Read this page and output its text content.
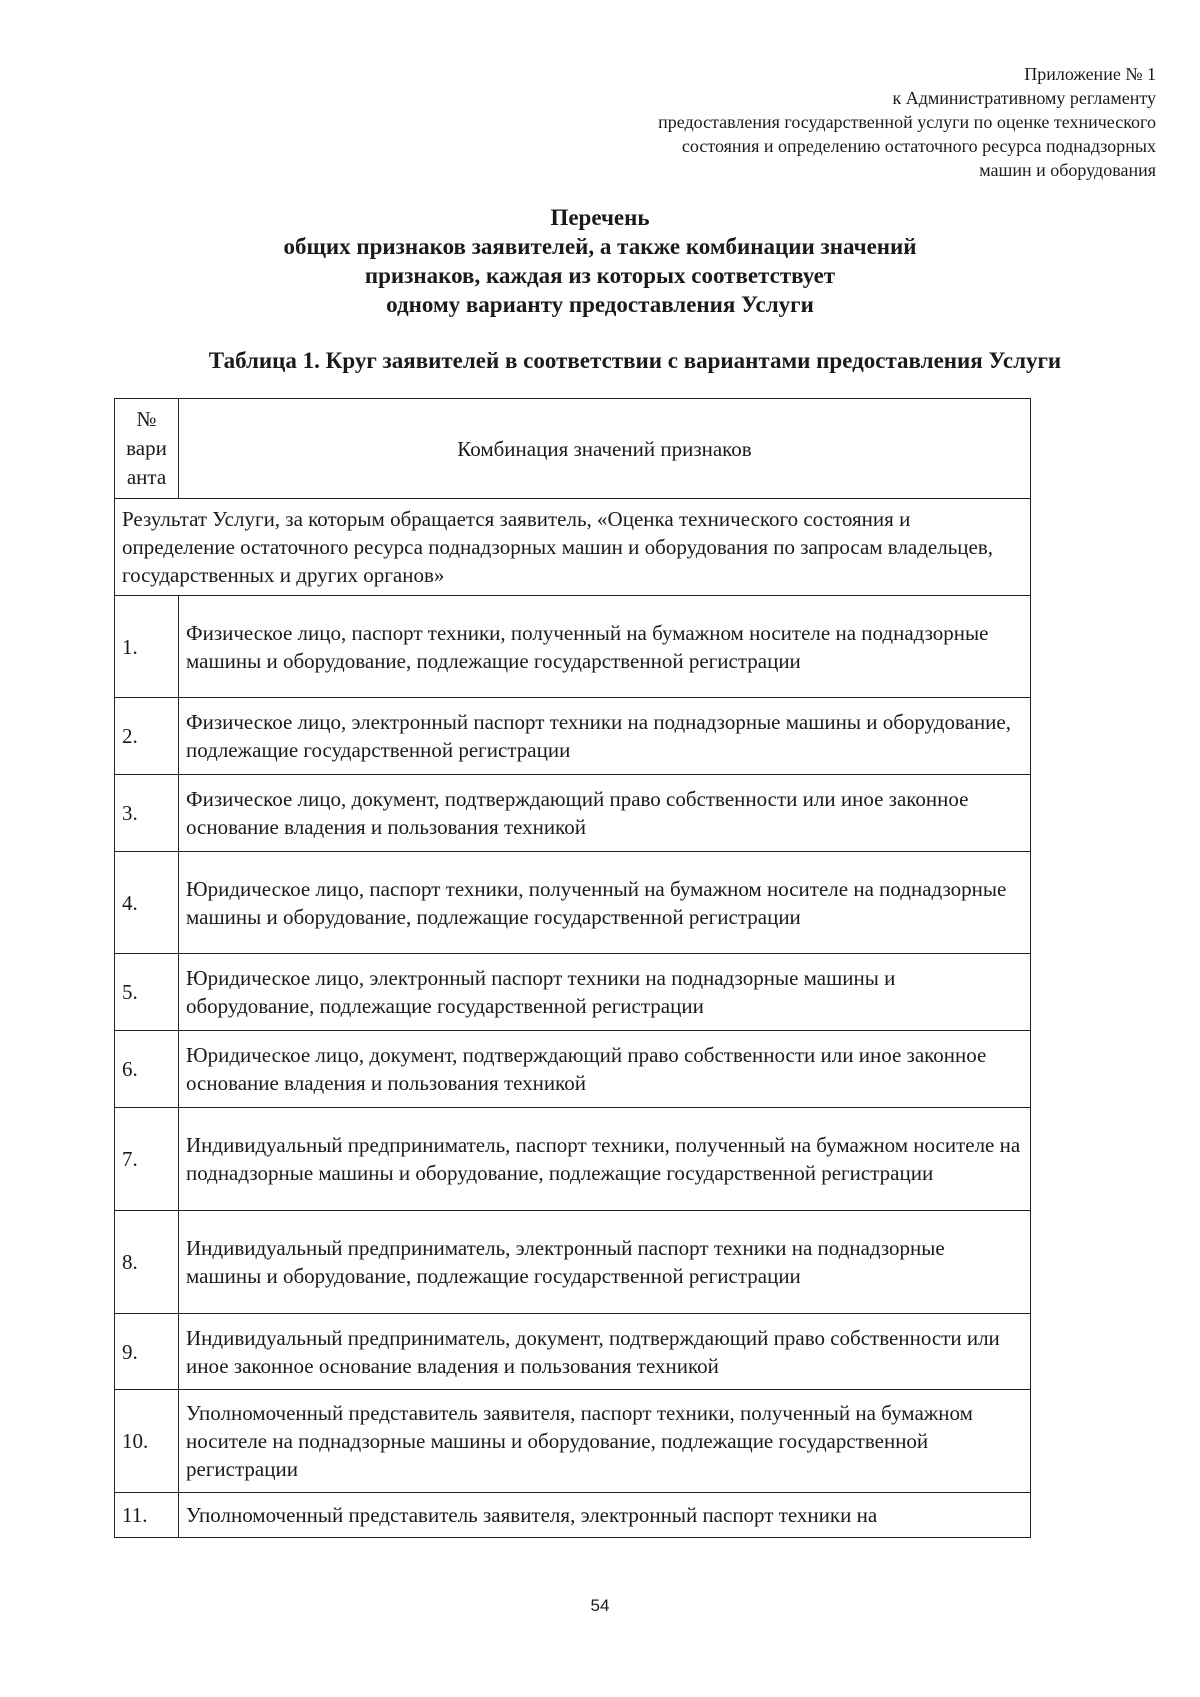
Приложение № 1
к Административному регламенту
предоставления государственной услуги по оценке технического
состояния и определению остаточного ресурса поднадзорных
машин и оборудования
Перечень
общих признаков заявителей, а также комбинации значений
признаков, каждая из которых соответствует
одному варианту предоставления Услуги
Таблица 1. Круг заявителей в соответствии с вариантами предоставления Услуги
№
вари
анта	Комбинация значений признаков
Результат Услуги, за которым обращается заявитель, «Оценка технического состояния и определение остаточного ресурса поднадзорных машин и оборудования по запросам владельцев, государственных и других органов»	
1.	Физическое лицо, паспорт техники, полученный на бумажном носителе на поднадзорные машины и оборудование, подлежащие государственной регистрации
2.	Физическое лицо, электронный паспорт техники на поднадзорные машины и оборудование, подлежащие государственной регистрации
3.	Физическое лицо, документ, подтверждающий право собственности или иное законное основание владения и пользования техникой
4.	Юридическое лицо, паспорт техники, полученный на бумажном носителе на поднадзорные машины и оборудование, подлежащие государственной регистрации
5.	Юридическое лицо, электронный паспорт техники на поднадзорные машины и оборудование, подлежащие государственной регистрации
6.	Юридическое лицо, документ, подтверждающий право собственности или иное законное основание владения и пользования техникой
7.	Индивидуальный предприниматель, паспорт техники, полученный на бумажном носителе на поднадзорные машины и оборудование, подлежащие государственной регистрации
8.	Индивидуальный предприниматель, электронный паспорт техники на поднадзорные машины и оборудование, подлежащие государственной регистрации
9.	Индивидуальный предприниматель, документ, подтверждающий право собственности или иное законное основание владения и пользования техникой
10.	Уполномоченный представитель заявителя, паспорт техники, полученный на бумажном носителе на поднадзорные машины и оборудование, подлежащие государственной регистрации
11.	Уполномоченный представитель заявителя, электронный паспорт техники на
54
